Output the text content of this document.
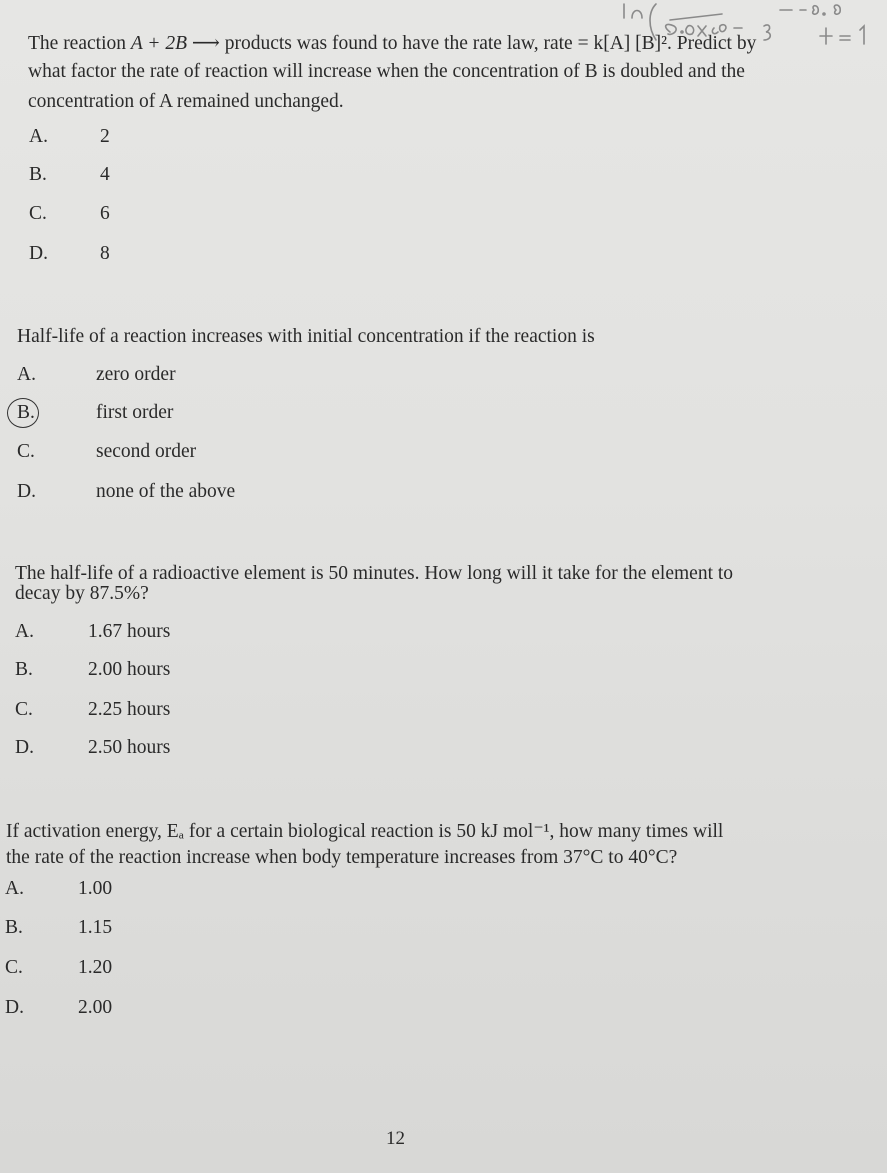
The reaction A + 2B ⟶ products was found to have the rate law, rate = k[A] [B]². Predict by
what factor the rate of reaction will increase when the concentration of B is doubled and the
concentration of A remained unchanged.
A.	2
B.	4
C.	6
D.	8
Half-life of a reaction increases with initial concentration if the reaction is
A.	zero order
B.	first order
C.	second order
D.	none of the above
The half-life of a radioactive element is 50 minutes. How long will it take for the element to
decay by 87.5%?
A.	1.67 hours
B.	2.00 hours
C.	2.25 hours
D.	2.50 hours
If activation energy, Eₐ for a certain biological reaction is 50 kJ mol⁻¹, how many times will
the rate of the reaction increase when body temperature increases from 37°C to 40°C?
A.	1.00
B.	1.15
C.	1.20
D.	2.00
12
